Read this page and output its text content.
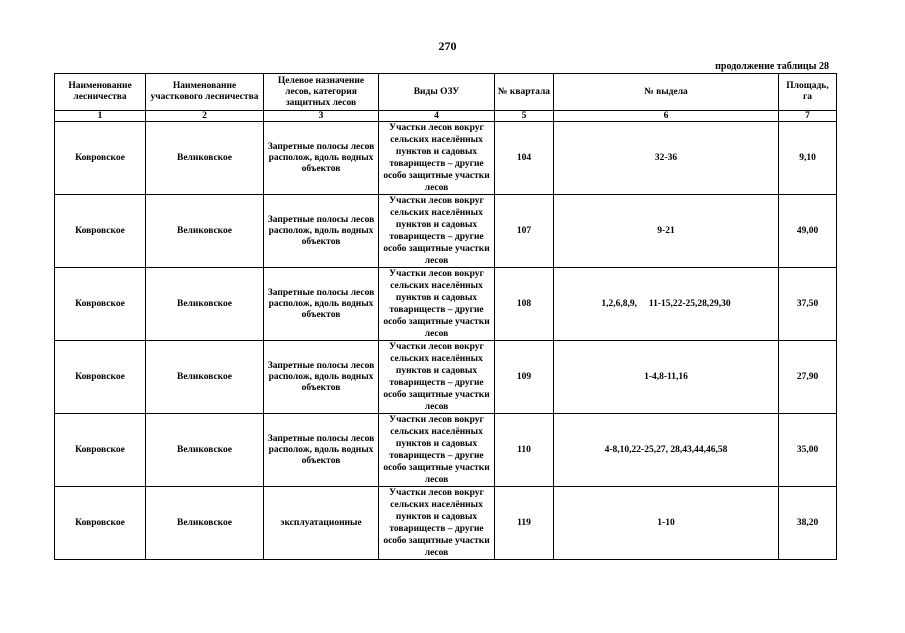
270
продолжение таблицы 28
Наименование лесничества	Наименование участкового лесничества	Целевое назначение лесов, категория защитных лесов	Виды ОЗУ	№ квартала	№ выдела	Площадь, га
1	2	3	4	5	6	7
Ковровское	Великовское	Запретные полосы лесов располож, вдоль водных объектов	Участки лесов вокруг сельских населённых пунктов и садовых товариществ – другие особо защитные участки лесов	104	32-36	9,10
Ковровское	Великовское	Запретные полосы лесов располож, вдоль водных объектов	Участки лесов вокруг сельских населённых пунктов и садовых товариществ – другие особо защитные участки лесов	107	9-21	49,00
Ковровское	Великовское	Запретные полосы лесов располож, вдоль водных объектов	Участки лесов вокруг сельских населённых пунктов и садовых товариществ – другие особо защитные участки лесов	108	1,2,6,8,9,     11-15,22-25,28,29,30	37,50
Ковровское	Великовское	Запретные полосы лесов располож, вдоль водных объектов	Участки лесов вокруг сельских населённых пунктов и садовых товариществ – другие особо защитные участки лесов	109	1-4,8-11,16	27,90
Ковровское	Великовское	Запретные полосы лесов располож, вдоль водных объектов	Участки лесов вокруг сельских населённых пунктов и садовых товариществ – другие особо защитные участки лесов	110	4-8,10,22-25,27, 28,43,44,46,58	35,00
Ковровское	Великовское	эксплуатационные	Участки лесов вокруг сельских населённых пунктов и садовых товариществ – другие особо защитные участки лесов	119	1-10	38,20
